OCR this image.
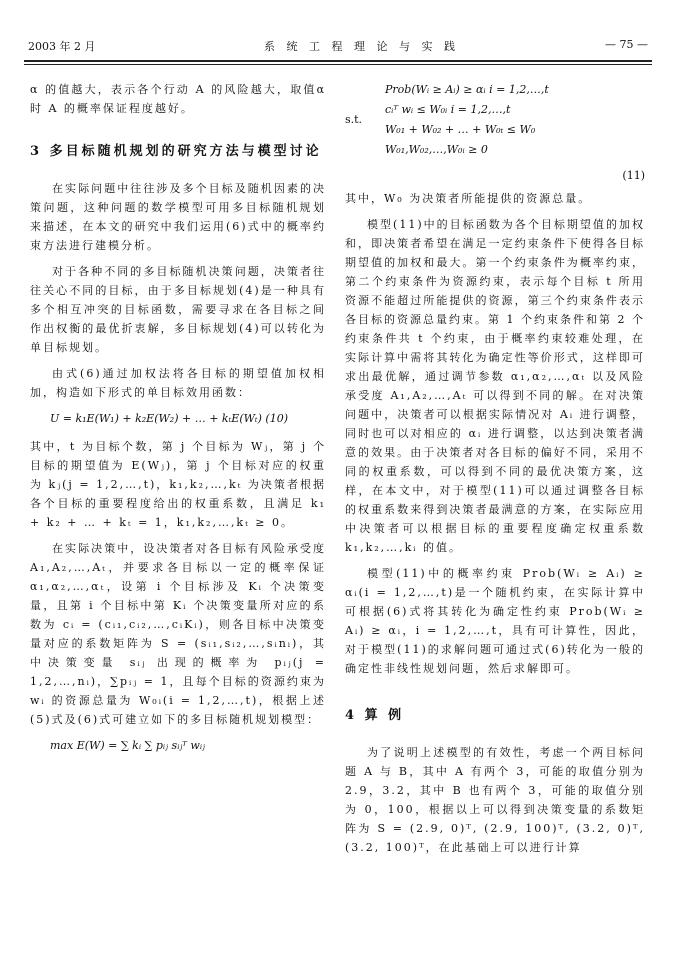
2003 年 2 月	系 统 工 程 理 论 与 实 践	— 75 —

α 的值越大，表示各个行动 A 的风险越大，取值α 时 A 的概率保证程度越好。

3 多目标随机规划的研究方法与模型讨论

在实际问题中往往涉及多个目标及随机因素的决策问题，这种问题的数学模型可用多目标随机规划来描述，在本文的研究中我们运用(6)式中的概率约束方法进行建模分析。

对于各种不同的多目标随机决策问题，决策者往往关心不同的目标，由于多目标规划(4)是一种具有多个相互冲突的目标函数，需要寻求在各目标之间作出权衡的最优折衷解，多目标规划(4)可以转化为单目标规划。

由式(6)通过加权法将各目标的期望值加权相加，构造如下形式的单目标效用函数：

U = k₁E(W₁) + k₂E(W₂) + … + kₜE(Wₜ) (10)

其中，t 为目标个数，第 j 个目标为 Wⱼ，第 j 个目标的期望值为 E(Wⱼ)，第 j 个目标对应的权重为 kⱼ(j = 1,2,…,t)，k₁,k₂,…,kₜ 为决策者根据各个目标的重要程度给出的权重系数，且满足 k₁ + k₂ + … + kₜ = 1，k₁,k₂,…,kₜ ≥ 0。

在实际决策中，设决策者对各目标有风险承受度 A₁,A₂,…,Aₜ，并要求各目标以一定的概率保证 α₁,α₂,…,αₜ，设第 i 个目标涉及 Kᵢ 个决策变量，且第 i 个目标中第 Kᵢ 个决策变量所对应的系数为 cᵢ = (cᵢ₁,cᵢ₂,…,cᵢKᵢ)，则各目标中决策变量对应的系数矩阵为 S = (sᵢ₁,sᵢ₂,…,sᵢnᵢ)，其中决策变量 sᵢⱼ 出现的概率为 pᵢⱼ(j = 1,2,…,nᵢ)，∑pᵢⱼ = 1，且每个目标的资源约束为 wᵢ 的资源总量为 W₀ᵢ(i = 1,2,…,t)，根据上述(5)式及(6)式可建立如下的多目标随机规划模型：

max E(W) = ∑ kᵢ ∑ pᵢⱼ sᵢⱼᵀ wᵢⱼ
s.t.
Prob(Wᵢ ≥ Aᵢ) ≥ αᵢ i = 1,2,…,t
cᵢᵀ wᵢ ≤ W₀ᵢ i = 1,2,…,t
W₀₁ + W₀₂ + … + W₀ₜ ≤ W₀
W₀₁,W₀₂,…,W₀ᵢ ≥ 0
(11)

其中，W₀ 为决策者所能提供的资源总量。

模型(11)中的目标函数为各个目标期望值的加权和，即决策者希望在满足一定约束条件下使得各目标期望值的加权和最大。第一个约束条件为概率约束，第二个约束条件为资源约束，表示每个目标 t 所用资源不能超过所能提供的资源，第三个约束条件表示各目标的资源总量约束。第 1 个约束条件和第 2 个约束条件共 t 个约束，由于概率约束较难处理，在实际计算中需将其转化为确定性等价形式，这样即可求出最优解，通过调节参数 α₁,α₂,…,αₜ 以及风险承受度 A₁,A₂,…,Aₜ 可以得到不同的解。在对决策问题中，决策者可以根据实际情况对 Aᵢ 进行调整，同时也可以对相应的 αᵢ 进行调整，以达到决策者满意的效果。由于决策者对各目标的偏好不同，采用不同的权重系数，可以得到不同的最优决策方案，这样，在本文中，对于模型(11)可以通过调整各目标的权重系数来得到决策者最满意的方案，在实际应用中决策者可以根据目标的重要程度确定权重系数 k₁,k₂,…,kᵢ 的值。

模型(11)中的概率约束 Prob(Wᵢ ≥ Aᵢ) ≥ αᵢ(i = 1,2,…,t)是一个随机约束，在实际计算中可根据(6)式将其转化为确定性约束 Prob(Wᵢ ≥ Aᵢ) ≥ αᵢ，i = 1,2,…,t，具有可计算性，因此，对于模型(11)的求解问题可通过式(6)转化为一般的确定性非线性规划问题，然后求解即可。

4 算 例

为了说明上述模型的有效性，考虑一个两目标问题 A 与 B，其中 A 有两个 3，可能的取值分别为 2.9，3.2，其中 B 也有两个 3，可能的取值分别为 0，100，根据以上可以得到决策变量的系数矩阵为 S = (2.9, 0)ᵀ, (2.9, 100)ᵀ, (3.2, 0)ᵀ, (3.2, 100)ᵀ，在此基础上可以进行计算
